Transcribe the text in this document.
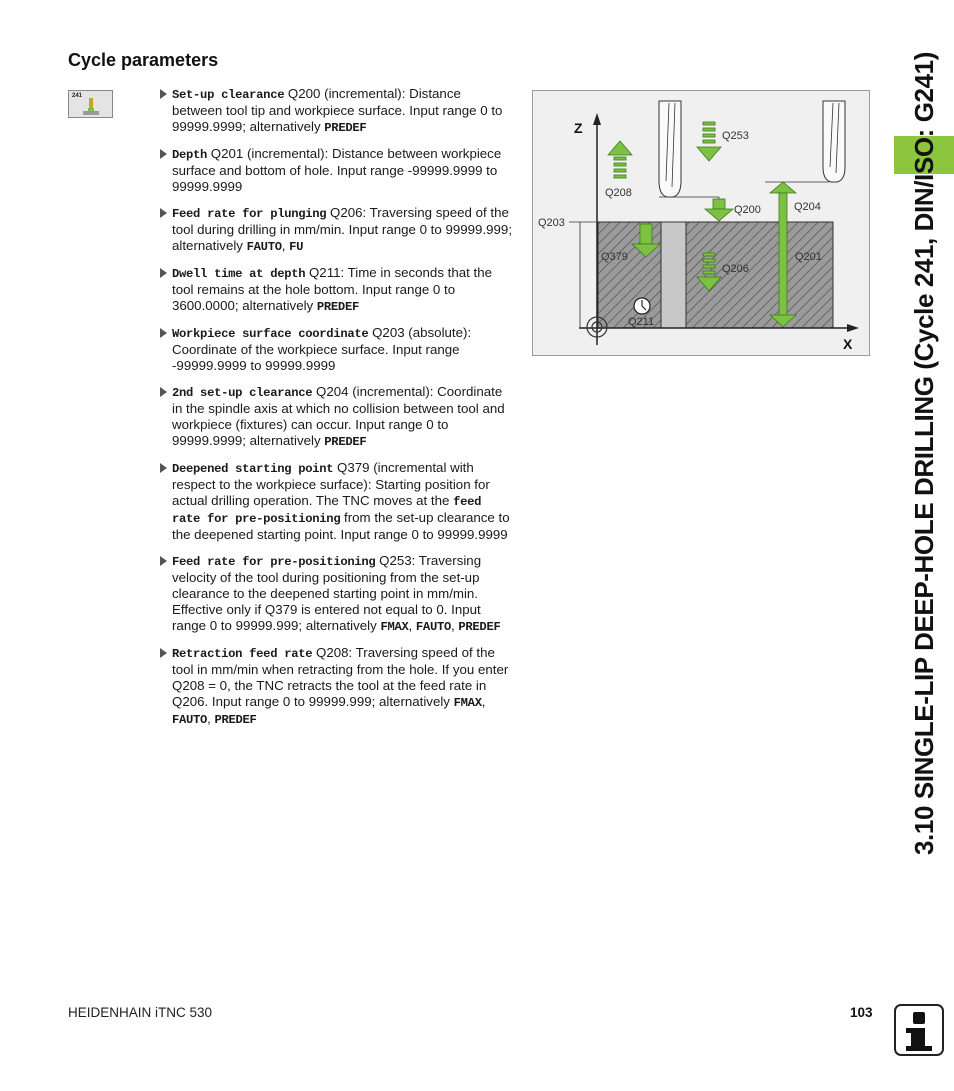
Cycle parameters
241	Set-up clearance Q200 (incremental): Distance between tool tip and workpiece surface. Input range 0 to 99999.9999; alternatively PREDEF
Depth Q201 (incremental): Distance between workpiece surface and bottom of hole. Input range -99999.9999 to 99999.9999
Feed rate for plunging Q206: Traversing speed of the tool during drilling in mm/min. Input range 0 to 99999.999; alternatively FAUTO, FU
Dwell time at depth Q211: Time in seconds that the tool remains at the hole bottom. Input range 0 to 3600.0000; alternatively PREDEF
Workpiece surface coordinate Q203 (absolute): Coordinate of the workpiece surface. Input range -99999.9999 to 99999.9999
2nd set-up clearance Q204 (incremental): Coordinate in the spindle axis at which no collision between tool and workpiece (fixtures) can occur. Input range 0 to 99999.9999; alternatively PREDEF
Deepened starting point Q379 (incremental with respect to the workpiece surface): Starting position for actual drilling operation. The TNC moves at the feed rate for pre-positioning from the set-up clearance to the deepened starting point. Input range 0 to 99999.9999
Feed rate for pre-positioning Q253: Traversing velocity of the tool during positioning from the set-up clearance to the deepened starting point in mm/min. Effective only if Q379 is entered not equal to 0. Input range 0 to 99999.999; alternatively FMAX, FAUTO, PREDEF
Retraction feed rate Q208: Traversing speed of the tool in mm/min when retracting from the hole. If you enter Q208 = 0, the TNC retracts the tool at the feed rate in Q206. Input range 0 to 99999.999; alternatively FMAX, FAUTO, PREDEF
Z
X
Q253
Q208
Q200	Q204
Q203
Q379
Q206
Q201
Q211	3.10 SINGLE-LIP DEEP-HOLE DRILLING (Cycle 241, DIN/ISO: G241)
HEIDENHAIN iTNC 530	103
